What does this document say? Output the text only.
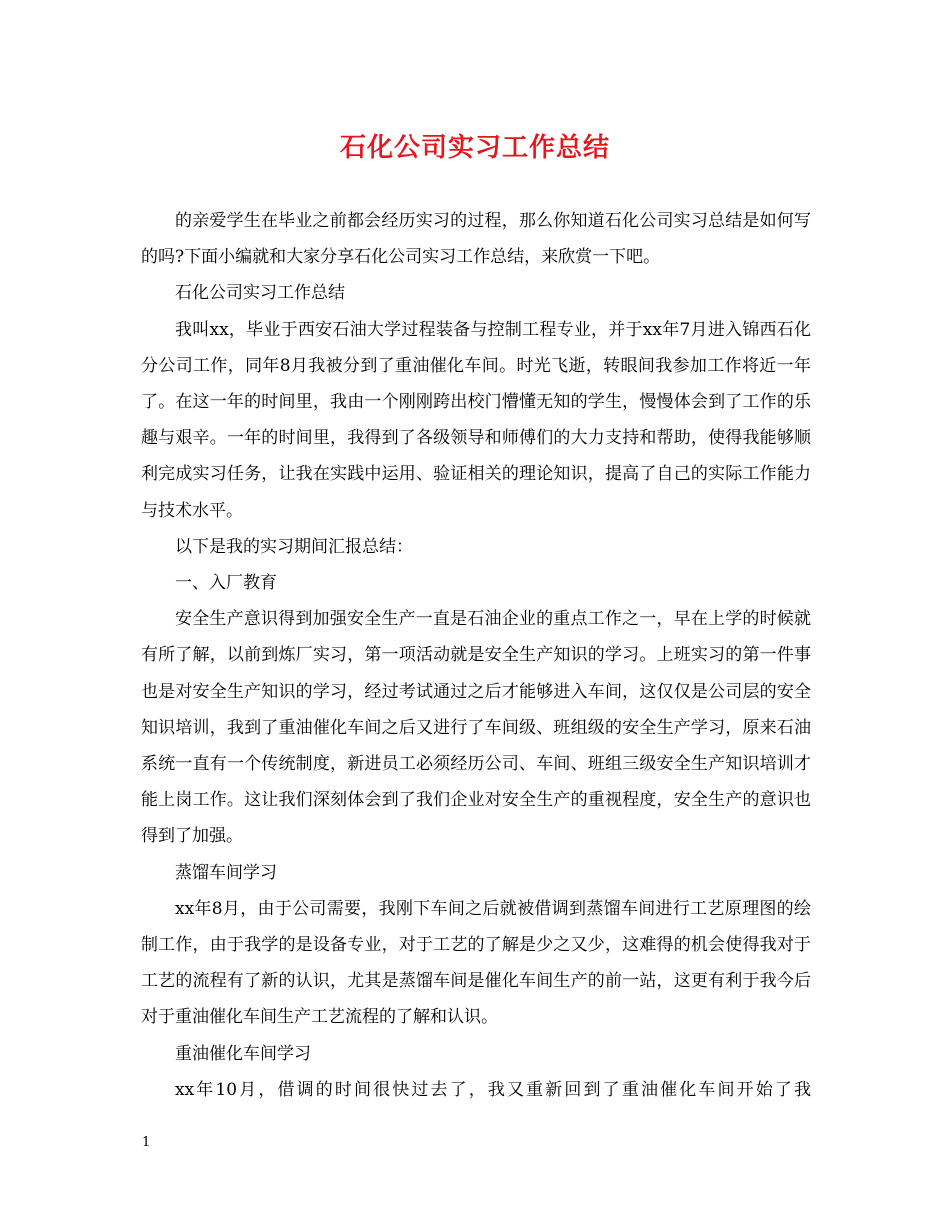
石化公司实习工作总结

的亲爱学生在毕业之前都会经历实习的过程，那么你知道石化公司实习总结是如何写的吗?下面小编就和大家分享石化公司实习工作总结，来欣赏一下吧。

石化公司实习工作总结

我叫xx，毕业于西安石油大学过程装备与控制工程专业，并于xx年7月进入锦西石化分公司工作，同年8月我被分到了重油催化车间。时光飞逝，转眼间我参加工作将近一年了。在这一年的时间里，我由一个刚刚跨出校门懵懂无知的学生，慢慢体会到了工作的乐趣与艰辛。一年的时间里，我得到了各级领导和师傅们的大力支持和帮助，使得我能够顺利完成实习任务，让我在实践中运用、验证相关的理论知识，提高了自己的实际工作能力与技术水平。

以下是我的实习期间汇报总结：

一、入厂教育

安全生产意识得到加强安全生产一直是石油企业的重点工作之一，早在上学的时候就有所了解，以前到炼厂实习，第一项活动就是安全生产知识的学习。上班实习的第一件事也是对安全生产知识的学习，经过考试通过之后才能够进入车间，这仅仅是公司层的安全知识培训，我到了重油催化车间之后又进行了车间级、班组级的安全生产学习，原来石油系统一直有一个传统制度，新进员工必须经历公司、车间、班组三级安全生产知识培训才能上岗工作。这让我们深刻体会到了我们企业对安全生产的重视程度，安全生产的意识也得到了加强。

蒸馏车间学习

xx年8月，由于公司需要，我刚下车间之后就被借调到蒸馏车间进行工艺原理图的绘制工作，由于我学的是设备专业，对于工艺的了解是少之又少，这难得的机会使得我对于工艺的流程有了新的认识，尤其是蒸馏车间是催化车间生产的前一站，这更有利于我今后对于重油催化车间生产工艺流程的了解和认识。

重油催化车间学习

xx年10月，借调的时间很快过去了，我又重新回到了重油催化车间开始了我

1
